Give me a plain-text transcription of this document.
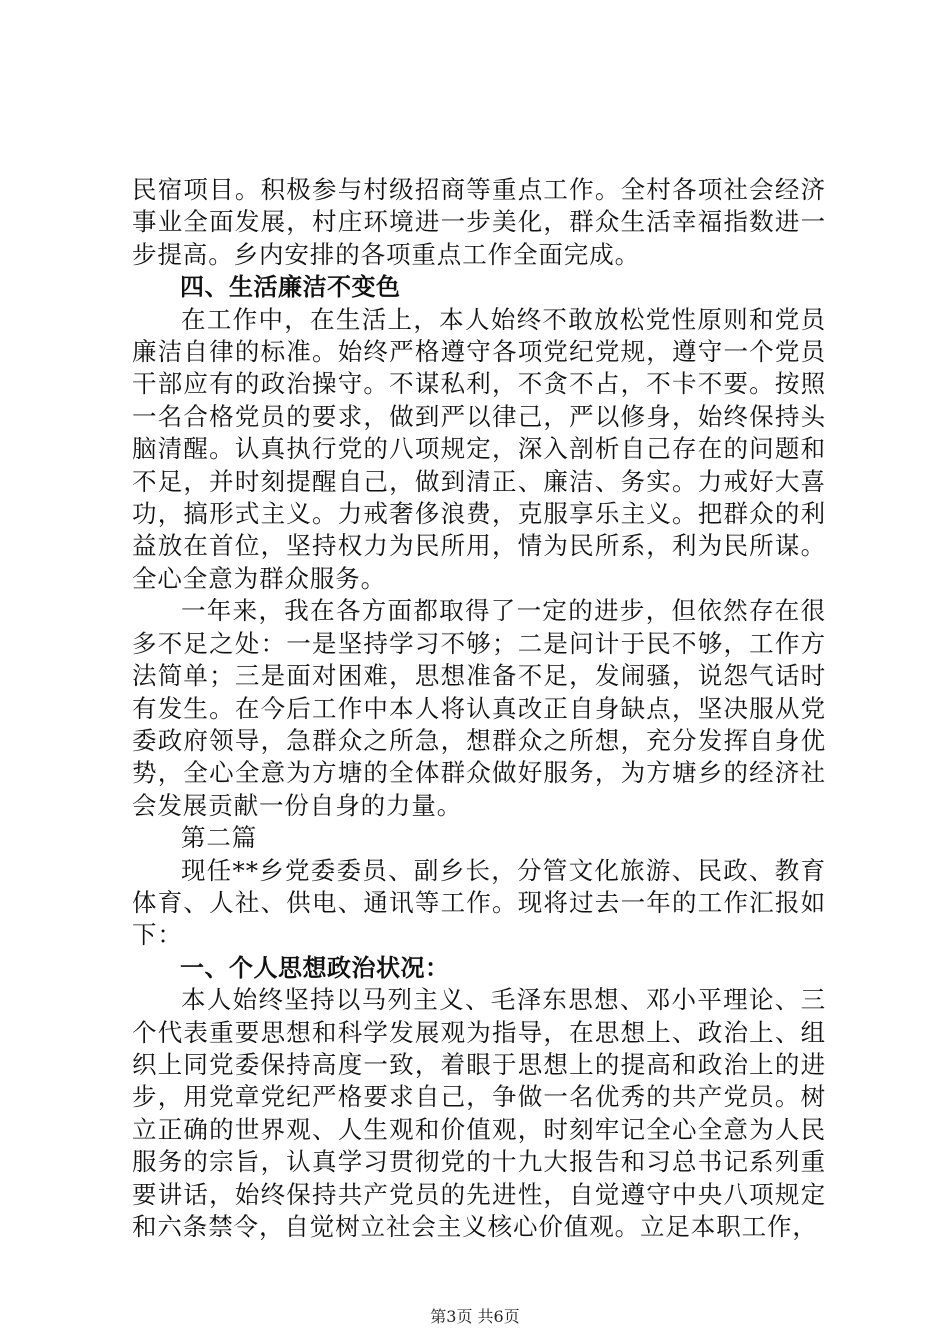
民宿项目。积极参与村级招商等重点工作。全村各项社会经济事业全面发展，村庄环境进一步美化，群众生活幸福指数进一步提高。乡内安排的各项重点工作全面完成。

四、生活廉洁不变色

在工作中，在生活上，本人始终不敢放松党性原则和党员廉洁自律的标准。始终严格遵守各项党纪党规，遵守一个党员干部应有的政治操守。不谋私利，不贪不占，不卡不要。按照一名合格党员的要求，做到严以律己，严以修身，始终保持头脑清醒。认真执行党的八项规定，深入剖析自己存在的问题和不足，并时刻提醒自己，做到清正、廉洁、务实。力戒好大喜功，搞形式主义。力戒奢侈浪费，克服享乐主义。把群众的利益放在首位，坚持权力为民所用，情为民所系，利为民所谋。全心全意为群众服务。

一年来，我在各方面都取得了一定的进步，但依然存在很多不足之处：一是坚持学习不够；二是问计于民不够，工作方法简单；三是面对困难，思想准备不足，发闹骚，说怨气话时有发生。在今后工作中本人将认真改正自身缺点，坚决服从党委政府领导，急群众之所急，想群众之所想，充分发挥自身优势，全心全意为方塘的全体群众做好服务，为方塘乡的经济社会发展贡献一份自身的力量。

第二篇

现任**乡党委委员、副乡长，分管文化旅游、民政、教育体育、人社、供电、通讯等工作。现将过去一年的工作汇报如下：

一、个人思想政治状况：

本人始终坚持以马列主义、毛泽东思想、邓小平理论、三个代表重要思想和科学发展观为指导，在思想上、政治上、组织上同党委保持高度一致，着眼于思想上的提高和政治上的进步，用党章党纪严格要求自己，争做一名优秀的共产党员。树立正确的世界观、人生观和价值观，时刻牢记全心全意为人民服务的宗旨，认真学习贯彻党的十九大报告和习总书记系列重要讲话，始终保持共产党员的先进性，自觉遵守中央八项规定和六条禁令，自觉树立社会主义核心价值观。立足本职工作，

第3页 共6页
